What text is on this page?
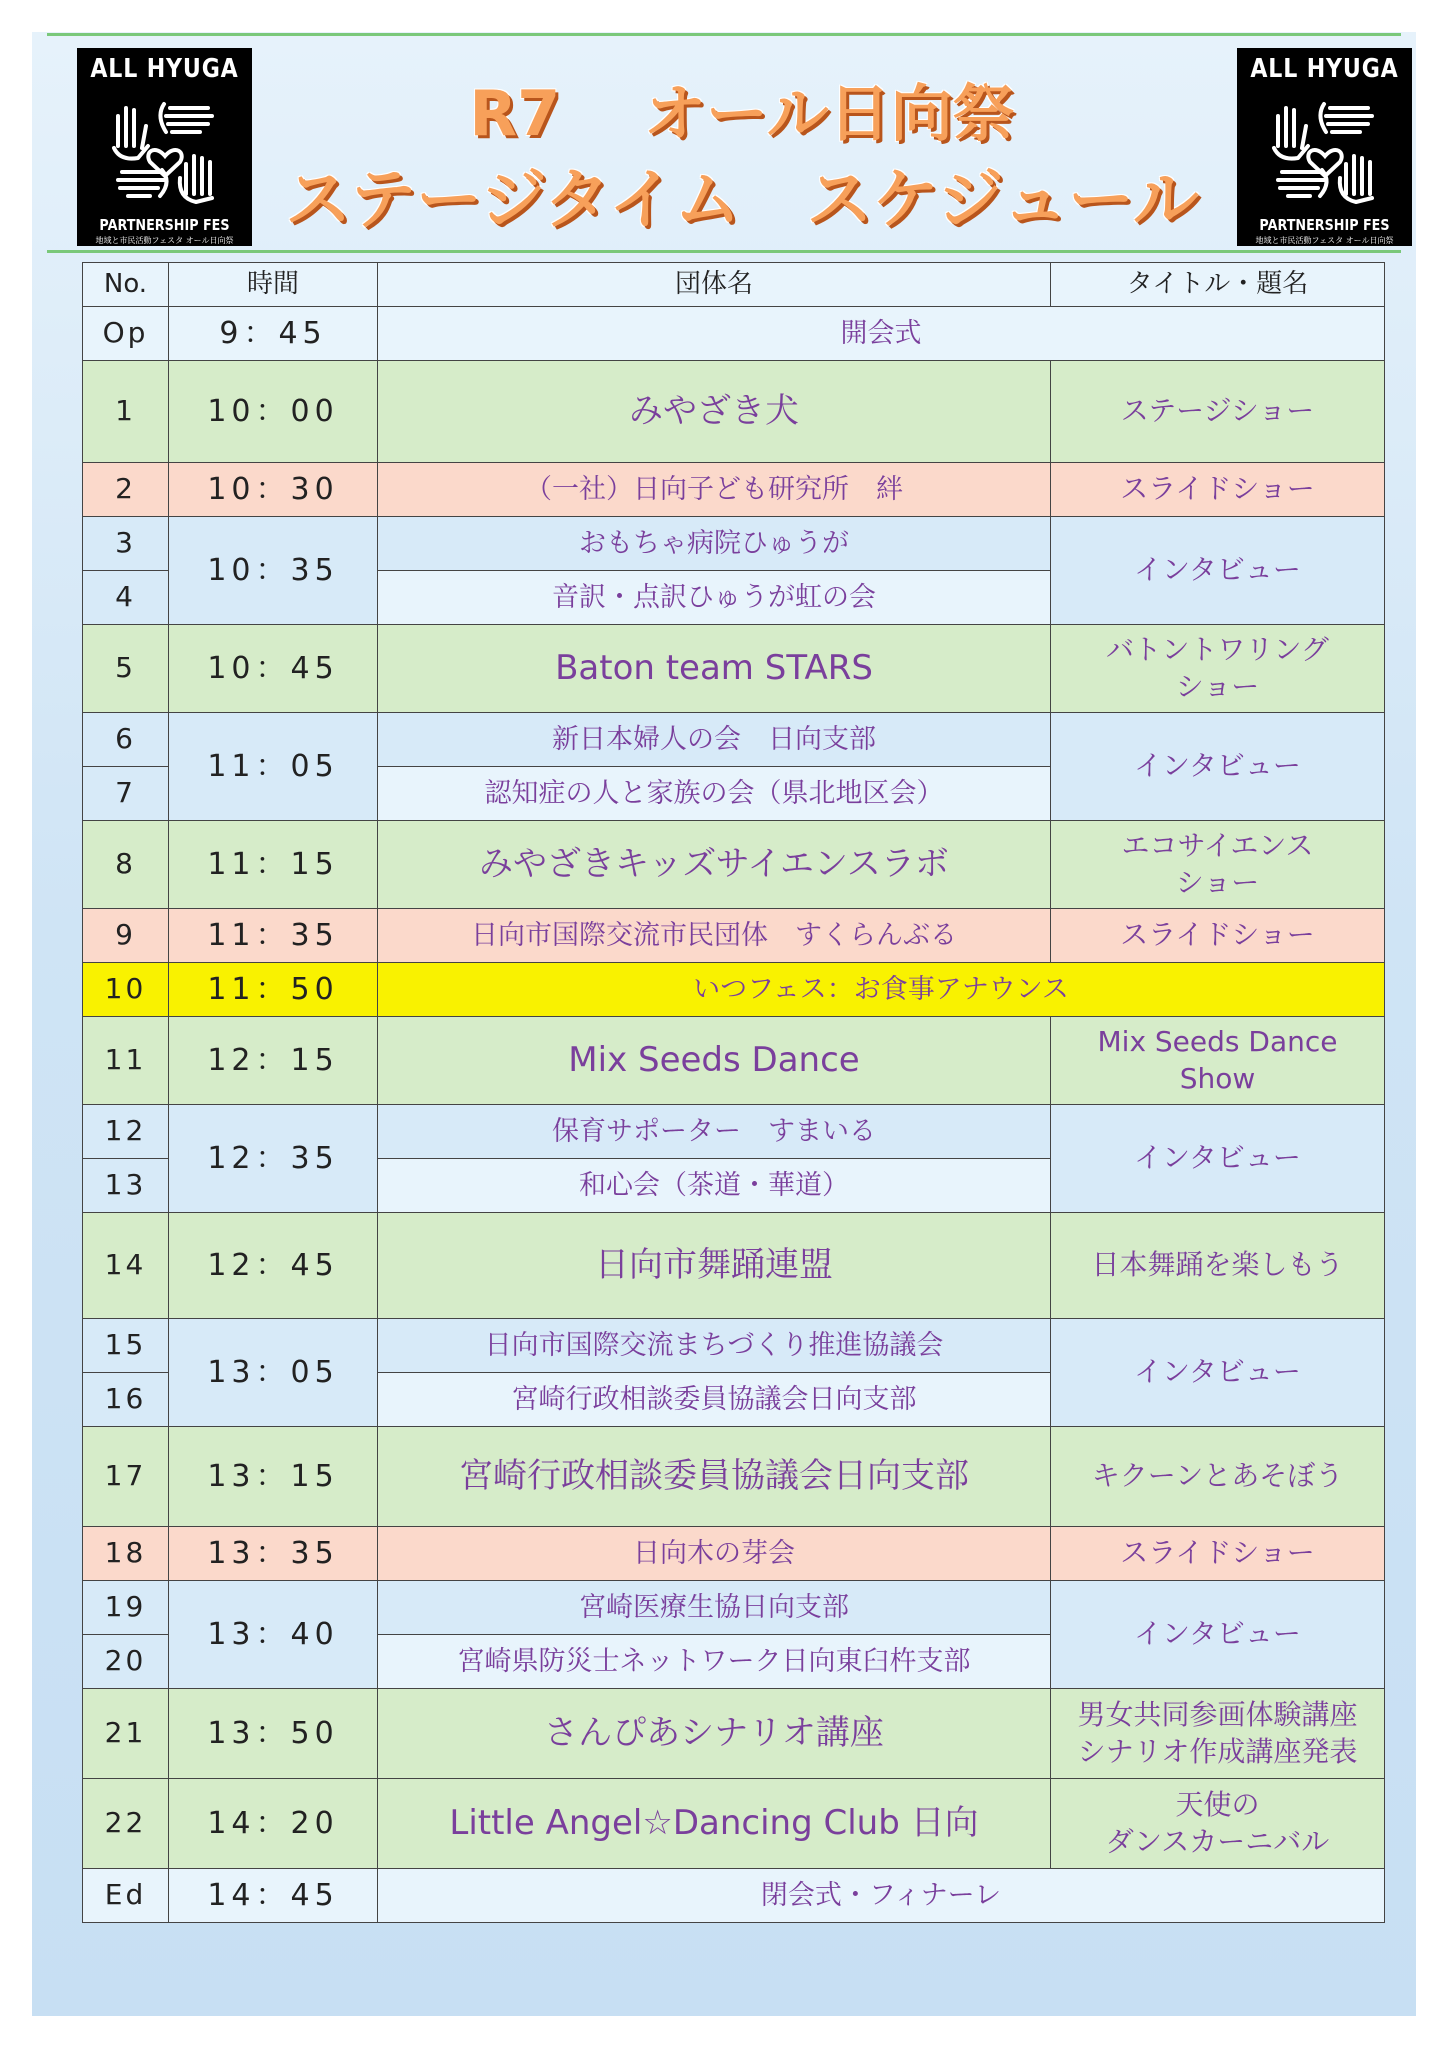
ALL HYUGA
PARTNERSHIP FES
地域と市民活動フェスタ オール日向祭
R7　 オール日向祭
ステージタイム　スケジュール
ALL HYUGA
PARTNERSHIP FES
地域と市民活動フェスタ オール日向祭
No.	時間	団体名	タイトル・題名
Op	9：45	開会式	
1	10：00	みやざき犬	ステージショー
2	10：30	（一社）日向子ども研究所　絆	スライドショー
3	10：35	おもちゃ病院ひゅうが	インタビュー
4		音訳・点訳ひゅうが虹の会	
5	10：45	Baton team STARS	バトントワリング
ショー
6	11：05	新日本婦人の会　日向支部	インタビュー
7		認知症の人と家族の会（県北地区会）	
8	11：15	みやざきキッズサイエンスラボ	エコサイエンス
ショー
9	11：35	日向市国際交流市民団体　すくらんぶる	スライドショー
10	11：50	いつフェス：お食事アナウンス	
11	12：15	Mix Seeds Dance	Mix Seeds Dance
Show
12	12：35	保育サポーター　すまいる	インタビュー
13		和心会（茶道・華道）	
14	12：45	日向市舞踊連盟	日本舞踊を楽しもう
15	13：05	日向市国際交流まちづくり推進協議会	インタビュー
16		宮崎行政相談委員協議会日向支部	
17	13：15	宮崎行政相談委員協議会日向支部	キクーンとあそぼう
18	13：35	日向木の芽会	スライドショー
19	13：40	宮崎医療生協日向支部	インタビュー
20		宮崎県防災士ネットワーク日向東臼杵支部	
21	13：50	さんぴあシナリオ講座	男女共同参画体験講座
シナリオ作成講座発表
22	14：20	Little Angel☆Dancing Club 日向	天使の
ダンスカーニバル
Ed	14：45	閉会式・フィナーレ	
